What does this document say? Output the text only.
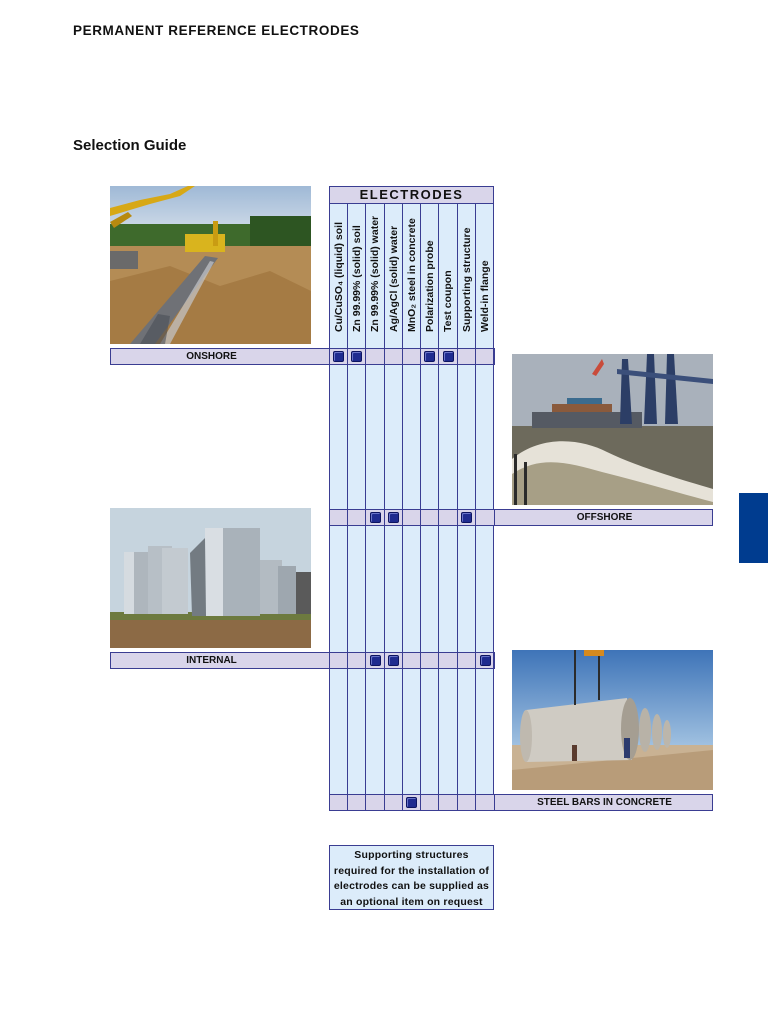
PERMANENT REFERENCE ELECTRODES
Selection Guide
ELECTRODES
Cu/CuSO₄ (liquid) soil Zn 99.99% (solid) soil Zn 99.99% (solid) water Ag/AgCl (solid) water MnO₂ steel in concrete Polarization probe Test coupon Supporting structure Weld-in flange
ONSHORE
OFFSHORE
INTERNAL
STEEL BARS IN CONCRETE
Supporting structures required for the installation of electrodes can be supplied as an optional item on request
